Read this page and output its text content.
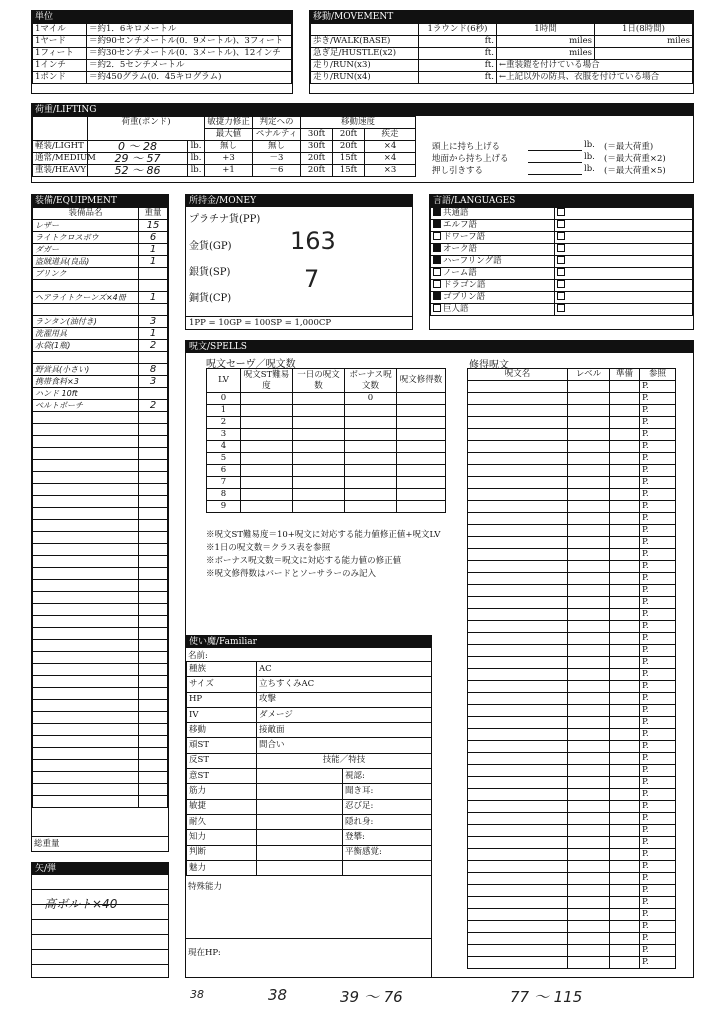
単位
1マイル	＝約1．6キロメートル
1ヤード	＝約90センチメートル(0．9メートル)、3フィート
1フィート	＝約30センチメートル(0．3メートル)、12インチ
1インチ	＝約2．5センチメートル
1ポンド	＝約450グラム(0．45キログラム)
移動/MOVEMENT
	1ラウンド(6秒)	1時間	1日(8時間)
歩き/WALK(BASE)	ft.	miles	miles
急ぎ足/HUSTLE(x2)	ft.	miles	
走り/RUN(x3)	ft.	←重装鎧を付けている場合	
走り/RUN(x4)	ft.	←上記以外の防具、衣服を付けている場合	
荷重/LIFTING
	荷重(ポンド)		敏捷力修正	判定への	移動速度		
			最大値	ペナルティ	30ft	20ft	疾走
軽装/LIGHT	0 ～ 28	lb.	無し	無し	30ft	20ft	×4
通常/MEDIUM	29 ～ 57	lb.	+3	－3	20ft	15ft	×4
重装/HEAVY	52 ～ 86	lb.	+1	－6	20ft	15ft	×3
頭上に持ち上げる	lb. (＝最大荷重)
地面から持ち上げる	lb. (＝最大荷重×2)
押し引きする	lb. (＝最大荷重×5)
装備/EQUIPMENT
装備品名	重量
レザー	15
ライトクロスボウ	6
ダガー	1
盗賊道具(良品)	1
ブリンク	

ヘアライトクーンズ×4冊	1

ランタン(油付き)	3
洗濯用具	1
水袋(1瓶)	2

野営具(小さい)	8
携帯食料×3	3
ハンド 10ft	
ベルトポーチ	2

総重量
矢/弾
高ボルト×40
所持金/MONEY
プラチナ貨(PP)
金貨(GP)
銀貨(SP)
銅貨(CP)
163
7
1PP = 10GP = 100SP = 1,000CP
言語/LANGUAGES
共通語	
エルフ語	
ドワーフ語	
オーク語	
ハーフリング語	
ノーム語	
ドラゴン語	
ゴブリン語	
巨人語	
呪文/SPELLS
呪文セーヴ／呪文数
LV	呪文ST難易度	一日の呪文数	ボーナス呪文数	呪文修得数
0			0	
1				
2				
3				
4				
5				
6				
7				
8				
9				
※呪文ST難易度＝10+呪文に対応する能力値修正値+呪文LV
※1日の呪文数＝クラス表を参照
※ボーナス呪文数＝呪文に対応する能力値の修正値
※呪文修得数はバードとソーサラーのみ記入
使い魔/Familiar
名前:
種族	AC	
サイズ	立ちすくみAC	
HP	攻撃	
IV	ダメージ	
移動	接敵面	
頑ST	間合い	
反ST	技能／特技	
意ST		視認:
筋力		聞き耳:
敏捷		忍び足:
耐久		隠れ身:
知力		登攀:
判断		平衡感覚:
魅力		
特殊能力
現在HP:
修得呪文
呪文名	レベル	準備	参照
			P.
			P.
			P.
			P.
			P.
			P.
			P.
			P.
			P.
			P.
			P.
			P.
			P.
			P.
			P.
			P.
			P.
			P.
			P.
			P.
			P.
			P.
			P.
			P.
			P.
			P.
			P.
			P.
			P.
			P.
			P.
			P.
			P.
			P.
			P.
			P.
			P.
			P.
			P.
			P.
			P.
			P.
			P.
			P.
			P.
			P.
			P.
			P.
			P.
38	38	39 ～ 76	77 ～ 115
